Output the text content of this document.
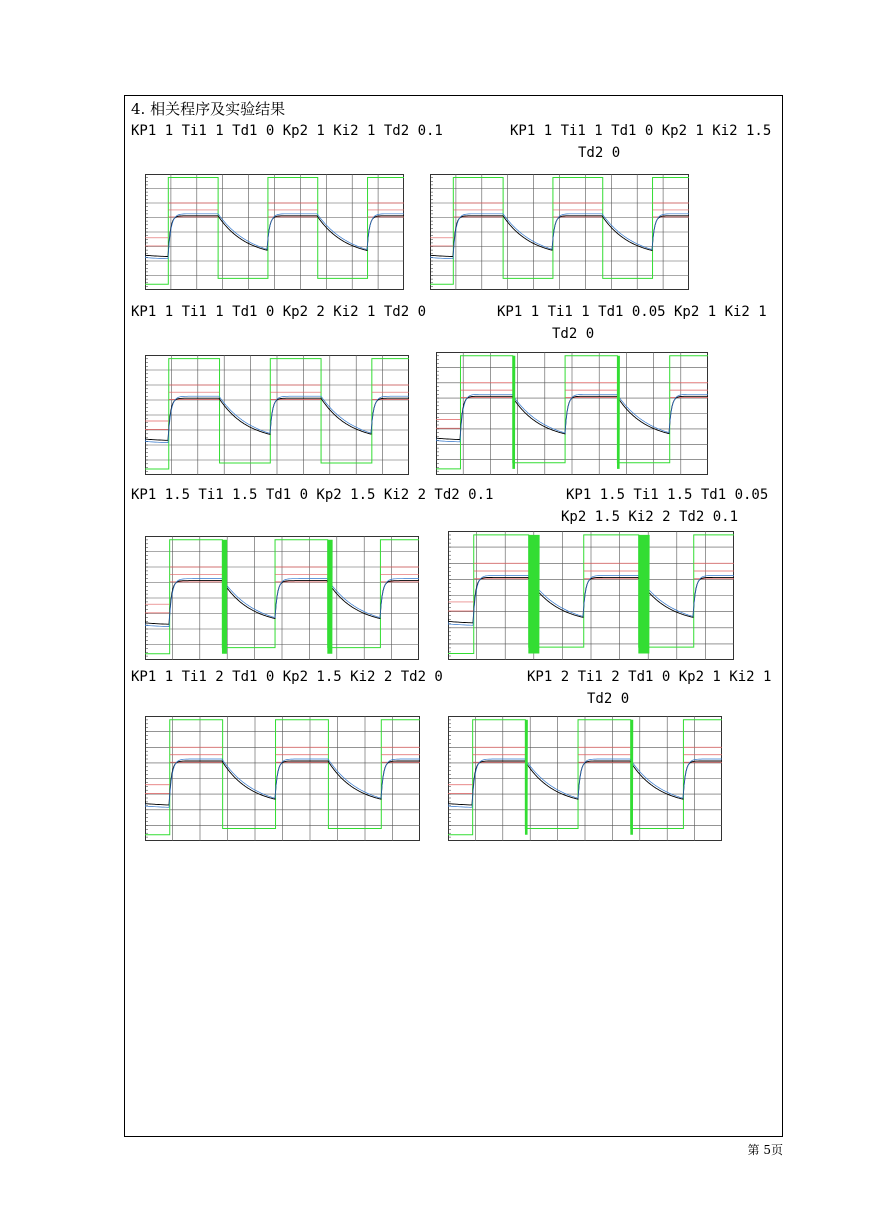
4. 相关程序及实验结果
KP1 1 Ti1 1 Td1 0 Kp2 1 Ki2 1 Td2 0.1	KP1 1 Ti1 1 Td1 0 Kp2 1 Ki2 1.5
Td2 0
KP1 1 Ti1 1 Td1 0 Kp2 2 Ki2 1 Td2 0	KP1 1 Ti1 1 Td1 0.05 Kp2 1 Ki2 1
Td2 0
KP1 1.5 Ti1 1.5 Td1 0 Kp2 1.5 Ki2 2 Td2 0.1	KP1 1.5 Ti1 1.5 Td1 0.05
Kp2 1.5 Ki2 2 Td2 0.1
KP1 1 Ti1 2 Td1 0 Kp2 1.5 Ki2 2 Td2 0	KP1 2 Ti1 2 Td1 0 Kp2 1 Ki2 1
Td2 0
第 5页
